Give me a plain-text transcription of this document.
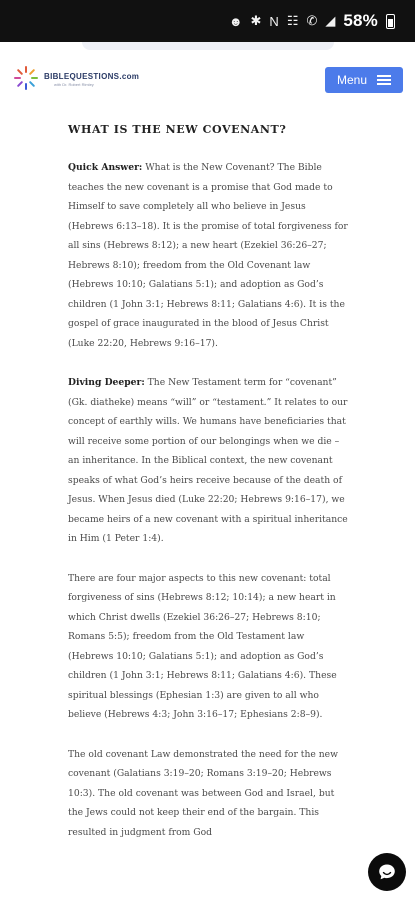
☻ ✱ N ☷ ✆ ◢ 58%
BIBLEQUESTIONS.com
with Dr. Robert Rimley	Menu
WHAT IS THE NEW COVENANT?

Quick Answer: What is the New Covenant? The Bible teaches the new covenant is a promise that God made to Himself to save completely all who believe in Jesus (Hebrews 6:13–18). It is the promise of total forgiveness for all sins (Hebrews 8:12); a new heart (Ezekiel 36:26–27; Hebrews 8:10); freedom from the Old Covenant law (Hebrews 10:10; Galatians 5:1); and adoption as God’s children (1 John 3:1; Hebrews 8:11; Galatians 4:6). It is the gospel of grace inaugurated in the blood of Jesus Christ (Luke 22:20, Hebrews 9:16–17).

Diving Deeper: The New Testament term for “covenant” (Gk. diatheke) means “will” or “testament.” It relates to our concept of earthly wills. We humans have beneficiaries that will receive some portion of our belongings when we die – an inheritance. In the Biblical context, the new covenant speaks of what God’s heirs receive because of the death of Jesus. When Jesus died (Luke 22:20; Hebrews 9:16–17), we became heirs of a new covenant with a spiritual inheritance in Him (1 Peter 1:4).

There are four major aspects to this new covenant: total forgiveness of sins (Hebrews 8:12; 10:14); a new heart in which Christ dwells (Ezekiel 36:26–27; Hebrews 8:10; Romans 5:5); freedom from the Old Testament law (Hebrews 10:10; Galatians 5:1); and adoption as God’s children (1 John 3:1; Hebrews 8:11; Galatians 4:6). These spiritual blessings (Ephesian 1:3) are given to all who believe (Hebrews 4:3; John 3:16–17; Ephesians 2:8–9).

The old covenant Law demonstrated the need for the new covenant (Galatians 3:19–20; Romans 3:19–20; Hebrews 10:3). The old covenant was between God and Israel, but the Jews could not keep their end of the bargain. This resulted in judgment from God
